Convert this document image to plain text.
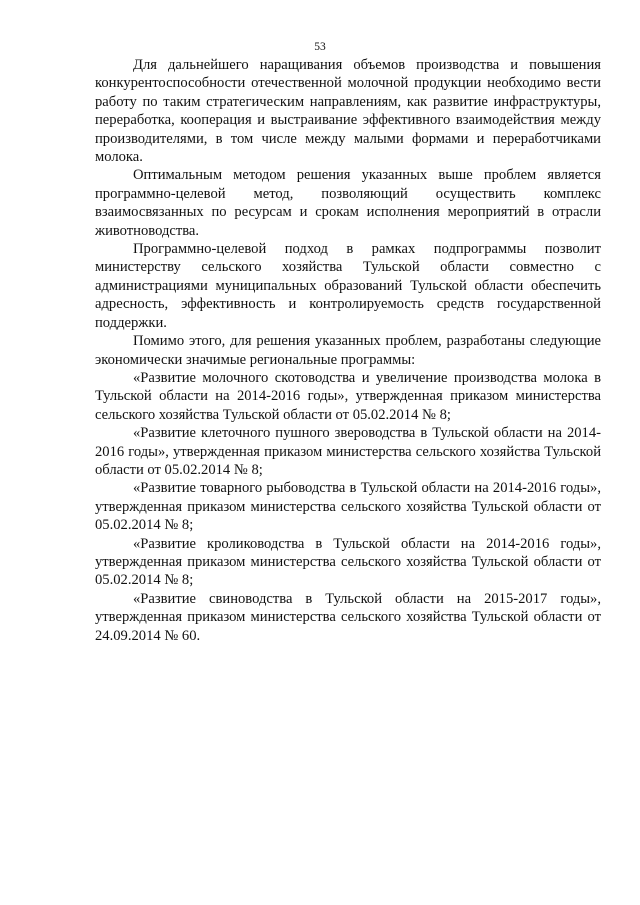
53

Для дальнейшего наращивания объемов производства и повышения конкурентоспособности отечественной молочной продукции необходимо вести работу по таким стратегическим направлениям, как развитие инфраструктуры, переработка, кооперация и выстраивание эффективного взаимодействия между производителями, в том числе между малыми формами и переработчиками молока.

Оптимальным методом решения указанных выше проблем является программно-целевой метод, позволяющий осуществить комплекс взаимосвязанных по ресурсам и срокам исполнения мероприятий в отрасли животноводства.

Программно-целевой подход в рамках подпрограммы позволит министерству сельского хозяйства Тульской области совместно с администрациями муниципальных образований Тульской области обеспечить адресность, эффективность и контролируемость средств государственной поддержки.

Помимо этого, для решения указанных проблем, разработаны следующие экономически значимые региональные программы:

«Развитие молочного скотоводства и увеличение производства молока в Тульской области на 2014-2016 годы», утвержденная приказом министерства сельского хозяйства Тульской области от 05.02.2014 № 8;

«Развитие клеточного пушного звероводства в Тульской области на 2014-2016 годы», утвержденная приказом министерства сельского хозяйства Тульской области от 05.02.2014 № 8;

«Развитие товарного рыбоводства в Тульской области на 2014-2016 годы», утвержденная приказом министерства сельского хозяйства Тульской области от 05.02.2014 № 8;

«Развитие кролиководства в Тульской области на 2014-2016 годы», утвержденная приказом министерства сельского хозяйства Тульской области от 05.02.2014 № 8;

«Развитие свиноводства в Тульской области на 2015-2017 годы», утвержденная приказом министерства сельского хозяйства Тульской области от 24.09.2014 № 60.
